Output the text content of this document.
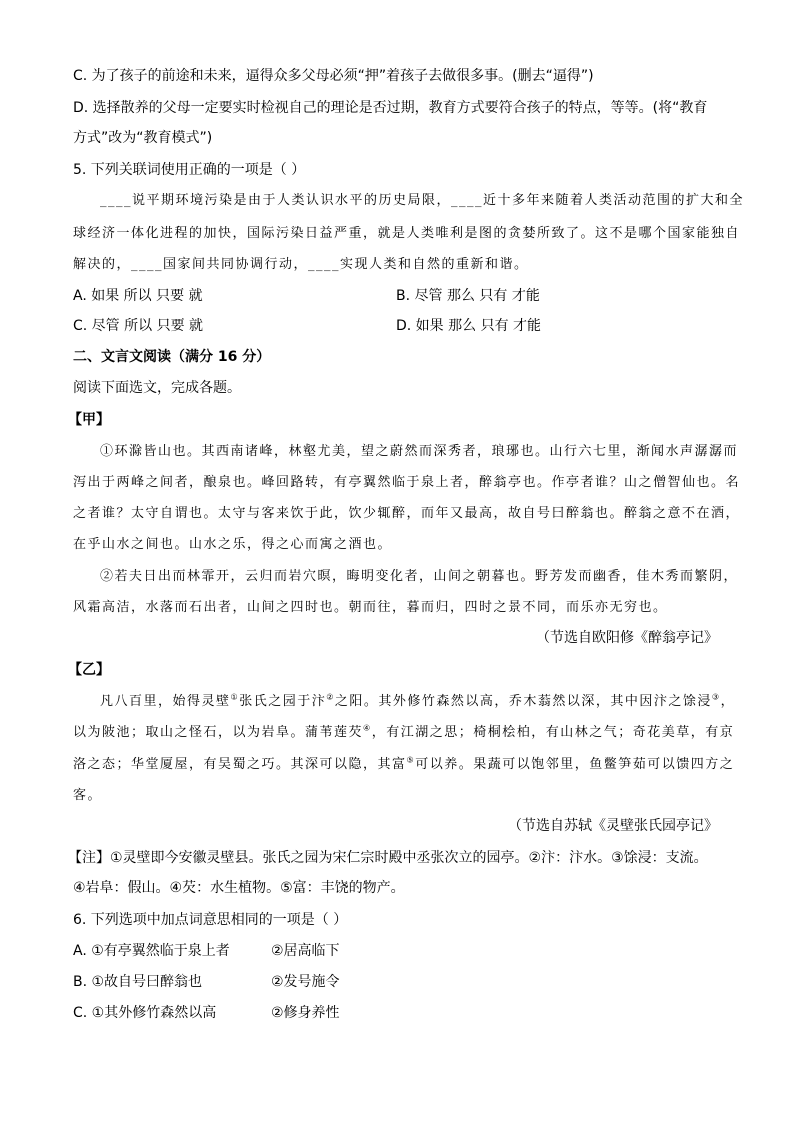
C. 为了孩子的前途和未来，逼得众多父母必须“押”着孩子去做很多事。(删去“逼得”)
D. 选择散养的父母一定要实时检视自己的理论是否过期，教育方式要符合孩子的特点，等等。(将“教育
方式”改为“教育模式”)
5. 下列关联词使用正确的一项是（ ）
____说平期环境污染是由于人类认识水平的历史局限，____近十多年来随着人类活动范围的扩大和全
球经济一体化进程的加快，国际污染日益严重，就是人类唯利是图的贪婪所致了。这不是哪个国家能独自
解决的，____国家间共同协调行动，____实现人类和自然的重新和谐。
A. 如果 所以 只要 就	B. 尽管 那么 只有 才能
C. 尽管 所以 只要 就	D. 如果 那么 只有 才能
二、文言文阅读（满分 16 分）
阅读下面选文，完成各题。
【甲】
①环滁皆山也。其西南诸峰，林壑尤美，望之蔚然而深秀者，琅琊也。山行六七里，渐闻水声潺潺而
泻出于两峰之间者，酿泉也。峰回路转，有亭翼然临于泉上者，醉翁亭也。作亭者谁？山之僧智仙也。名
之者谁？太守自谓也。太守与客来饮于此，饮少辄醉，而年又最高，故自号曰醉翁也。醉翁之意不在酒，
在乎山水之间也。山水之乐，得之心而寓之酒也。
②若夫日出而林霏开，云归而岩穴暝，晦明变化者，山间之朝暮也。野芳发而幽香，佳木秀而繁阴，
风霜高洁，水落而石出者，山间之四时也。朝而往，暮而归，四时之景不同，而乐亦无穷也。
（节选自欧阳修《醉翁亭记》
【乙】
凡八百里，始得灵壁①张氏之园于汴②之阳。其外修竹森然以高，乔木蓊然以深，其中因汴之馀浸③，
以为陂池；取山之怪石，以为岩阜。蒲苇莲芡④，有江湖之思；椅桐桧柏，有山林之气；奇花美草，有京
洛之态；华堂厦屋，有吴蜀之巧。其深可以隐，其富⑤可以养。果蔬可以饱邻里，鱼鳖笋茹可以馈四方之
客。
（节选自苏轼《灵壁张氏园亭记》
【注】①灵壁即今安徽灵壁县。张氏之园为宋仁宗时殿中丞张次立的园亭。②汴：汴水。③馀浸：支流。
④岩阜：假山。④芡：水生植物。⑤富：丰饶的物产。
6. 下列选项中加点词意思相同的一项是（ ）
A. ①有亭翼然临于泉上者	②居高临下
B. ①故自号曰醉翁也	②发号施令
C. ①其外修竹森然以高	②修身养性
